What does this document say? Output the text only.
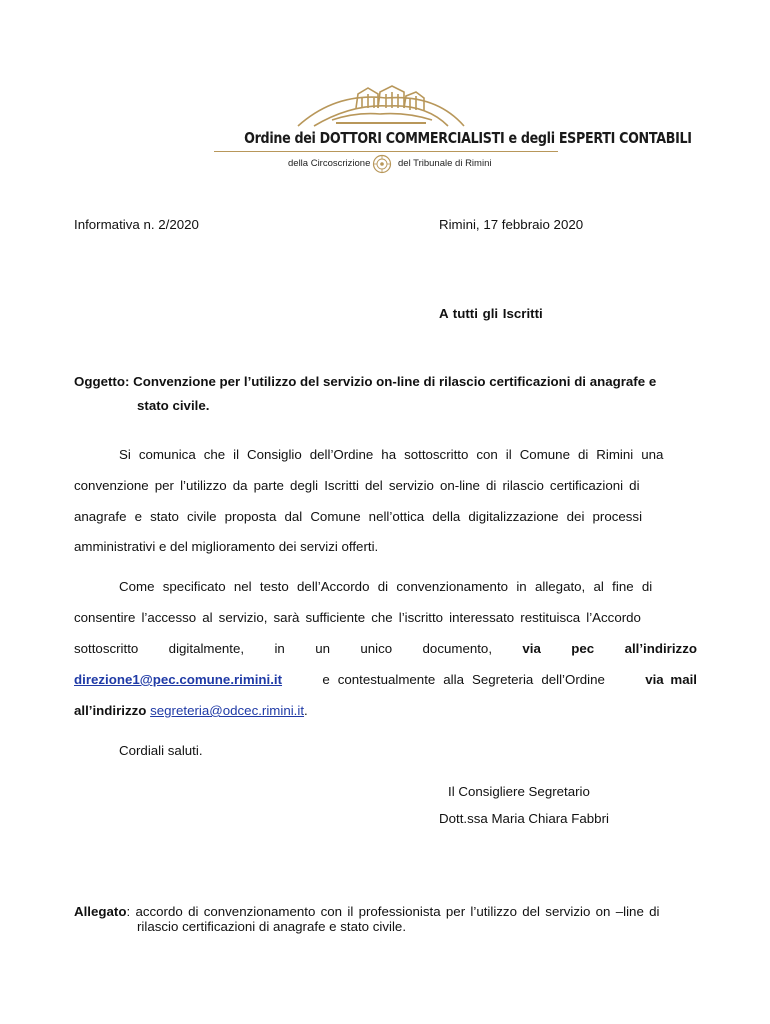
Ordine dei DOTTORI COMMERCIALISTI e degli ESPERTI CONTABILI
della Circoscrizione	del Tribunale di Rimini
Informativa n. 2/2020	Rimini, 17 febbraio 2020
A tutti gli Iscritti
Oggetto: Convenzione per l’utilizzo del servizio on-line di rilascio certificazioni di anagrafe e
stato civile.
Si comunica che il Consiglio dell’Ordine ha sottoscritto con il Comune di Rimini una
convenzione per l’utilizzo da parte degli Iscritti del servizio on-line di rilascio certificazioni di
anagrafe e stato civile proposta dal Comune nell’ottica della digitalizzazione dei processi
amministrativi e del miglioramento dei servizi offerti.
Come specificato nel testo dell’Accordo di convenzionamento in allegato, al fine di
consentire l’accesso al servizio, sarà sufficiente che l’iscritto interessato restituisca l’Accordo
sottoscritto digitalmente, in un unico documento, via pec all’indirizzo
direzione1@pec.comune.rimini.it	e contestualmente alla Segreteria dell’Ordine	via mail
all’indirizzo segreteria@odcec.rimini.it.
Cordiali saluti.
Il Consigliere Segretario
Dott.ssa Maria Chiara Fabbri
Allegato: accordo di convenzionamento con il professionista per l’utilizzo del servizio on –line di
rilascio certificazioni di anagrafe e stato civile.
